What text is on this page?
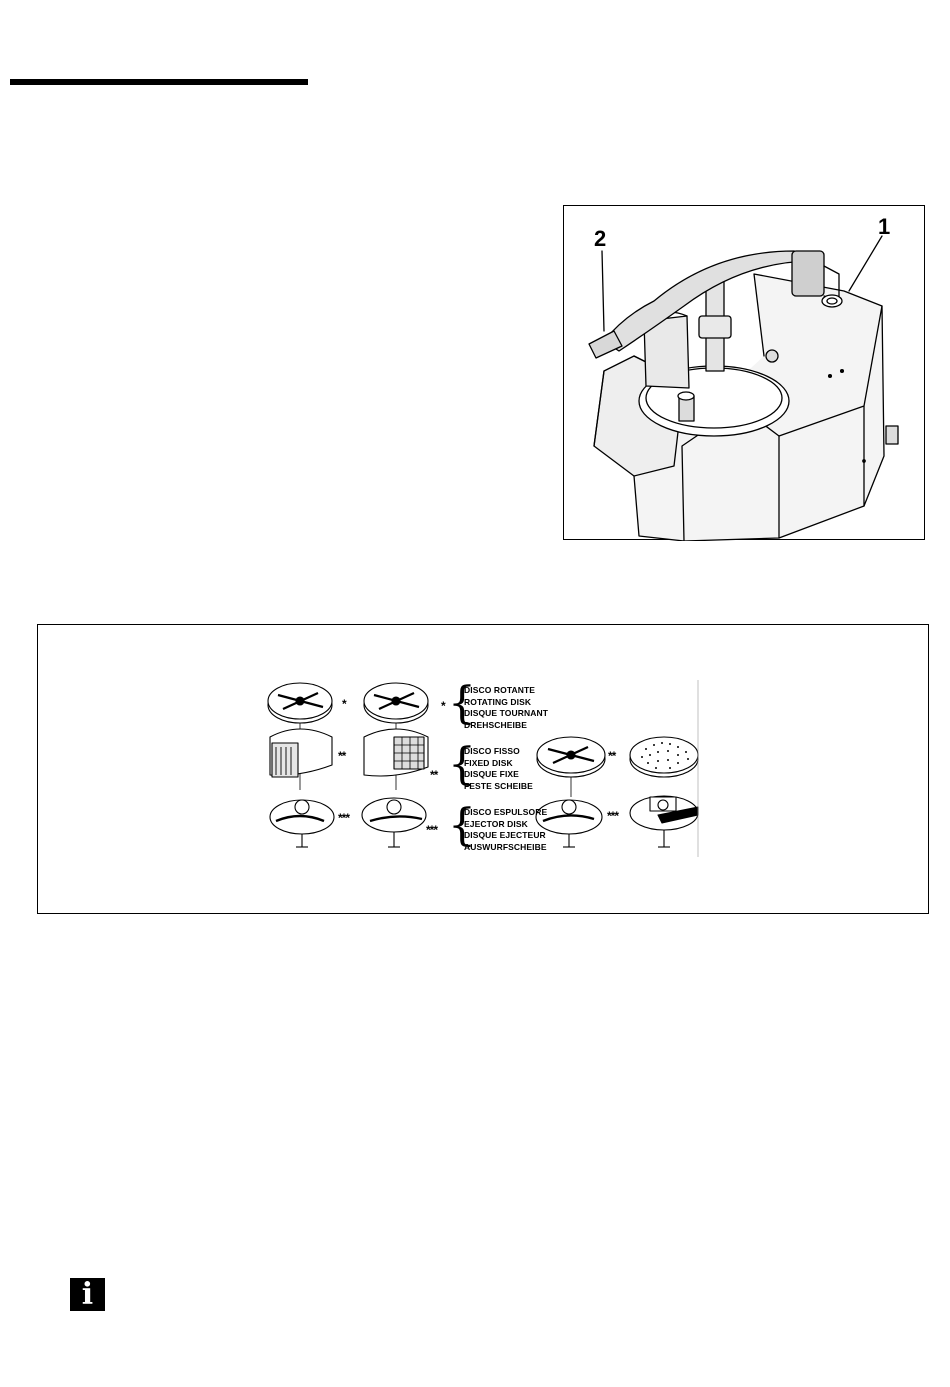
1
2
*
**
***
**
***
* {
DISCO ROTANTE
ROTATING DISK
DISQUE TOURNANT
DREHSCHEIBE
** {
DISCO FISSO
FIXED DISK
DISQUE FIXE
FESTE SCHEIBE
*** {
DISCO ESPULSORE
EJECTOR DISK
DISQUE EJECTEUR
AUSWURFSCHEIBE
i
